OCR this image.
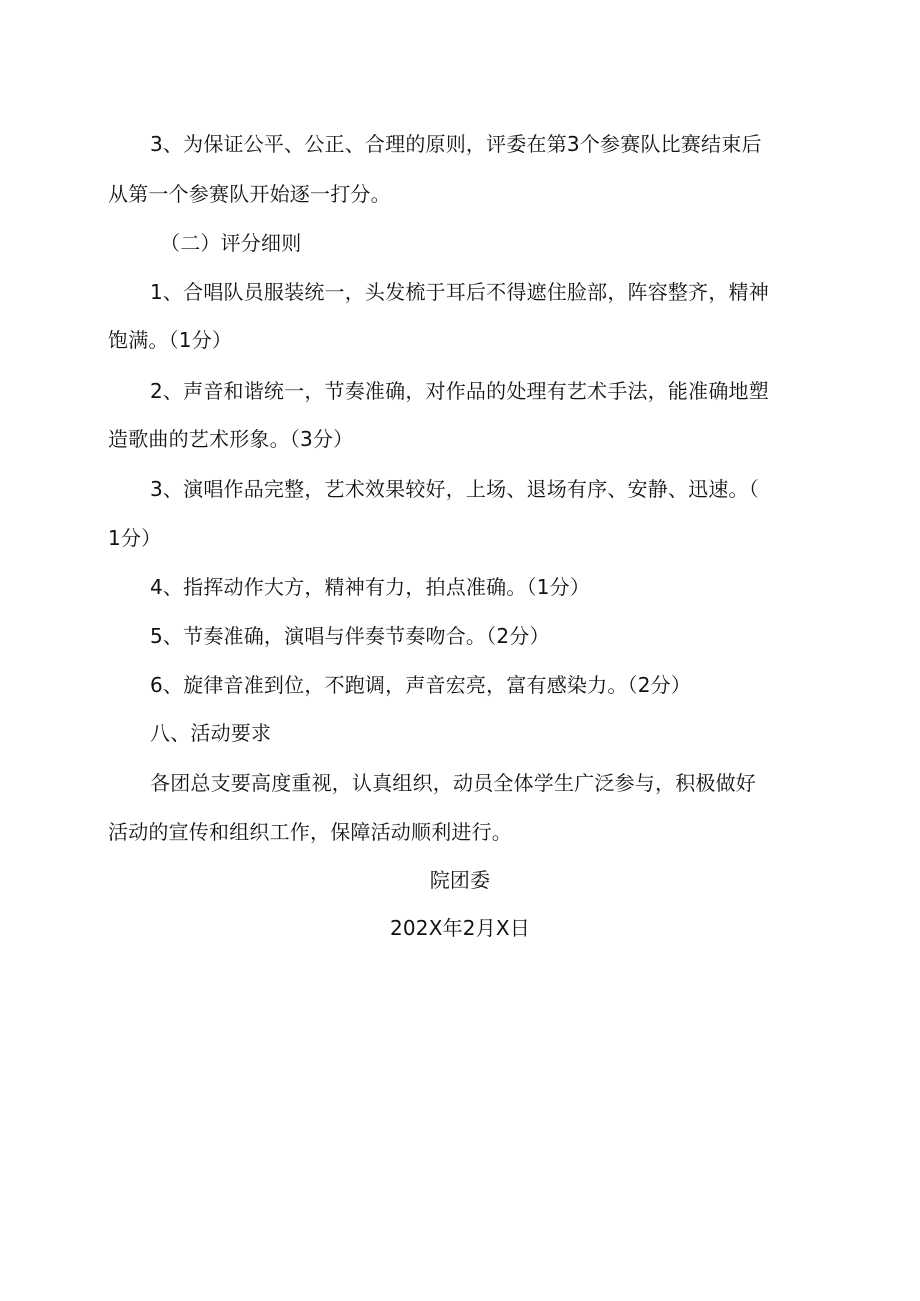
3、为保证公平、公正、合理的原则，评委在第3个参赛队比赛结束后
从第一个参赛队开始逐一打分。
（二）评分细则
1、合唱队员服装统一，头发梳于耳后不得遮住脸部，阵容整齐，精神
饱满。（1分）
2、声音和谐统一，节奏准确，对作品的处理有艺术手法，能准确地塑
造歌曲的艺术形象。（3分）
3、演唱作品完整，艺术效果较好，上场、退场有序、安静、迅速。（
1分）
4、指挥动作大方，精神有力，拍点准确。（1分）
5、节奏准确，演唱与伴奏节奏吻合。（2分）
6、旋律音准到位，不跑调，声音宏亮，富有感染力。（2分）
八、活动要求
各团总支要高度重视，认真组织，动员全体学生广泛参与，积极做好
活动的宣传和组织工作，保障活动顺利进行。
院团委
202X年2月X日
